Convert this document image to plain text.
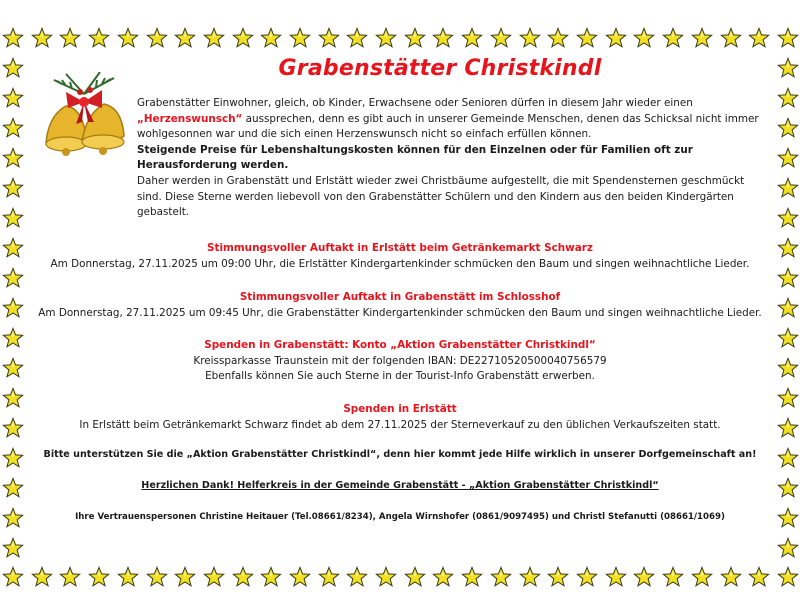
Grabenstätter Christkindl

Grabenstätter Einwohner, gleich, ob Kinder, Erwachsene oder Senioren dürfen in diesem Jahr wieder einen „Herzenswunsch“ aussprechen, denn es gibt auch in unserer Gemeinde Menschen, denen das Schicksal nicht immer wohlgesonnen war und die sich einen Herzenswunsch nicht so einfach erfüllen können.

Steigende Preise für Lebenshaltungskosten können für den Einzelnen oder für Familien oft zur Herausforderung werden.

Daher werden in Grabenstätt und Erlstätt wieder zwei Christbäume aufgestellt, die mit Spendensternen geschmückt sind. Diese Sterne werden liebevoll von den Grabenstätter Schülern und den Kindern aus den beiden Kindergärten gebastelt.

Stimmungsvoller Auftakt in Erlstätt beim Getränkemarkt Schwarz
Am Donnerstag, 27.11.2025 um 09:00 Uhr, die Erlstätter Kindergartenkinder schmücken den Baum und singen weihnachtliche Lieder.
Stimmungsvoller Auftakt in Grabenstätt im Schlosshof
Am Donnerstag, 27.11.2025 um 09:45 Uhr, die Grabenstätter Kindergartenkinder schmücken den Baum und singen weihnachtliche Lieder.
Spenden in Grabenstätt: Konto „Aktion Grabenstätter Christkindl“
Kreissparkasse Traunstein mit der folgenden IBAN: DE22710520500040756579
Ebenfalls können Sie auch Sterne in der Tourist-Info Grabenstätt erwerben.
Spenden in Erlstätt
In Erlstätt beim Getränkemarkt Schwarz findet ab dem 27.11.2025 der Sterneverkauf zu den üblichen Verkaufszeiten statt.
Bitte unterstützen Sie die „Aktion Grabenstätter Christkindl“, denn hier kommt jede Hilfe wirklich in unserer Dorfgemeinschaft an!
Herzlichen Dank! Helferkreis in der Gemeinde Grabenstätt - „Aktion Grabenstätter Christkindl“
Ihre Vertrauenspersonen Christine Heitauer (Tel.08661/8234), Angela Wirnshofer (0861/9097495) und Christl Stefanutti (08661/1069)
